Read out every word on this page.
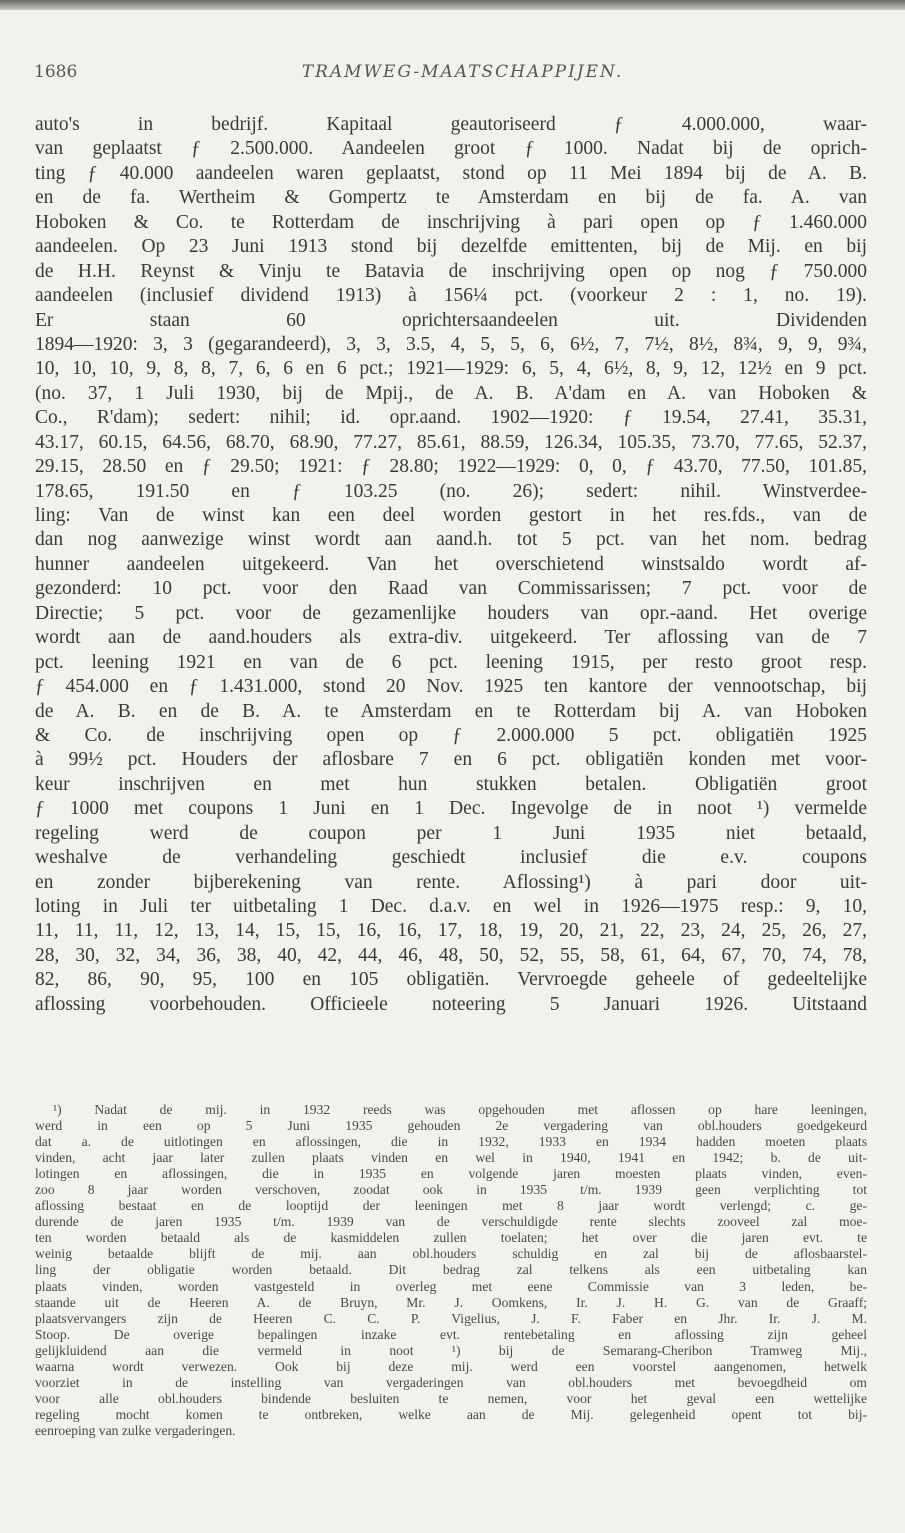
1686	TRAMWEG-MAATSCHAPPIJEN.
auto's in bedrijf. Kapitaal geautoriseerd ƒ 4.000.000, waar-
van geplaatst ƒ 2.500.000. Aandeelen groot ƒ 1000. Nadat bij de oprich-
ting ƒ 40.000 aandeelen waren geplaatst, stond op 11 Mei 1894 bij de A. B.
en de fa. Wertheim & Gompertz te Amsterdam en bij de fa. A. van
Hoboken & Co. te Rotterdam de inschrijving à pari open op ƒ 1.460.000
aandeelen. Op 23 Juni 1913 stond bij dezelfde emittenten, bij de Mij. en bij
de H.H. Reynst & Vinju te Batavia de inschrijving open op nog ƒ 750.000
aandeelen (inclusief dividend 1913) à 156¼ pct. (voorkeur 2 : 1, no. 19).
Er staan 60 oprichtersaandeelen uit. Dividenden
1894—1920: 3, 3 (gegarandeerd), 3, 3, 3.5, 4, 5, 5, 6, 6½, 7, 7½, 8½, 8¾, 9, 9, 9¾,
10, 10, 10, 9, 8, 8, 7, 6, 6 en 6 pct.; 1921—1929: 6, 5, 4, 6½, 8, 9, 12, 12½ en 9 pct.
(no. 37, 1 Juli 1930, bij de Mpij., de A. B. A'dam en A. van Hoboken &
Co., R'dam); sedert: nihil; id. opr.aand. 1902—1920: ƒ 19.54, 27.41, 35.31,
43.17, 60.15, 64.56, 68.70, 68.90, 77.27, 85.61, 88.59, 126.34, 105.35, 73.70, 77.65, 52.37,
29.15, 28.50 en ƒ 29.50; 1921: ƒ 28.80; 1922—1929: 0, 0, ƒ 43.70, 77.50, 101.85,
178.65, 191.50 en ƒ 103.25 (no. 26); sedert: nihil. Winstverdee-
ling: Van de winst kan een deel worden gestort in het res.fds., van de
dan nog aanwezige winst wordt aan aand.h. tot 5 pct. van het nom. bedrag
hunner aandeelen uitgekeerd. Van het overschietend winstsaldo wordt af-
gezonderd: 10 pct. voor den Raad van Commissarissen; 7 pct. voor de
Directie; 5 pct. voor de gezamenlijke houders van opr.-aand. Het overige
wordt aan de aand.houders als extra-div. uitgekeerd. Ter aflossing van de 7
pct. leening 1921 en van de 6 pct. leening 1915, per resto groot resp.
ƒ 454.000 en ƒ 1.431.000, stond 20 Nov. 1925 ten kantore der vennootschap, bij
de A. B. en de B. A. te Amsterdam en te Rotterdam bij A. van Hoboken
& Co. de inschrijving open op ƒ 2.000.000 5 pct. obligatiën 1925
à 99½ pct. Houders der aflosbare 7 en 6 pct. obligatiën konden met voor-
keur inschrijven en met hun stukken betalen. Obligatiën groot
ƒ 1000 met coupons 1 Juni en 1 Dec. Ingevolge de in noot ¹) vermelde
regeling werd de coupon per 1 Juni 1935 niet betaald,
weshalve de verhandeling geschiedt inclusief die e.v. coupons
en zonder bijberekening van rente. Aflossing¹) à pari door uit-
loting in Juli ter uitbetaling 1 Dec. d.a.v. en wel in 1926—1975 resp.: 9, 10,
11, 11, 11, 12, 13, 14, 15, 15, 16, 16, 17, 18, 19, 20, 21, 22, 23, 24, 25, 26, 27,
28, 30, 32, 34, 36, 38, 40, 42, 44, 46, 48, 50, 52, 55, 58, 61, 64, 67, 70, 74, 78,
82, 86, 90, 95, 100 en 105 obligatiën. Vervroegde geheele of gedeeltelijke
aflossing voorbehouden. Officieele noteering 5 Januari 1926. Uitstaand
¹) Nadat de mij. in 1932 reeds was opgehouden met aflossen op hare leeningen,
werd in een op 5 Juni 1935 gehouden 2e vergadering van obl.houders goedgekeurd
dat a. de uitlotingen en aflossingen, die in 1932, 1933 en 1934 hadden moeten plaats
vinden, acht jaar later zullen plaats vinden en wel in 1940, 1941 en 1942; b. de uit-
lotingen en aflossingen, die in 1935 en volgende jaren moesten plaats vinden, even-
zoo 8 jaar worden verschoven, zoodat ook in 1935 t/m. 1939 geen verplichting tot
aflossing bestaat en de looptijd der leeningen met 8 jaar wordt verlengd; c. ge-
durende de jaren 1935 t/m. 1939 van de verschuldigde rente slechts zooveel zal moe-
ten worden betaald als de kasmiddelen zullen toelaten; het over die jaren evt. te
weinig betaalde blijft de mij. aan obl.houders schuldig en zal bij de aflosbaarstel-
ling der obligatie worden betaald. Dit bedrag zal telkens als een uitbetaling kan
plaats vinden, worden vastgesteld in overleg met eene Commissie van 3 leden, be-
staande uit de Heeren A. de Bruyn, Mr. J. Oomkens, Ir. J. H. G. van de Graaff;
plaatsvervangers zijn de Heeren C. C. P. Vigelius, J. F. Faber en Jhr. Ir. J. M.
Stoop. De overige bepalingen inzake evt. rentebetaling en aflossing zijn geheel
gelijkluidend aan die vermeld in noot ¹) bij de Semarang-Cheribon Tramweg Mij.,
waarna wordt verwezen. Ook bij deze mij. werd een voorstel aangenomen, hetwelk
voorziet in de instelling van vergaderingen van obl.houders met bevoegdheid om
voor alle obl.houders bindende besluiten te nemen, voor het geval een wettelijke
regeling mocht komen te ontbreken, welke aan de Mij. gelegenheid opent tot bij-
eenroeping van zulke vergaderingen.
